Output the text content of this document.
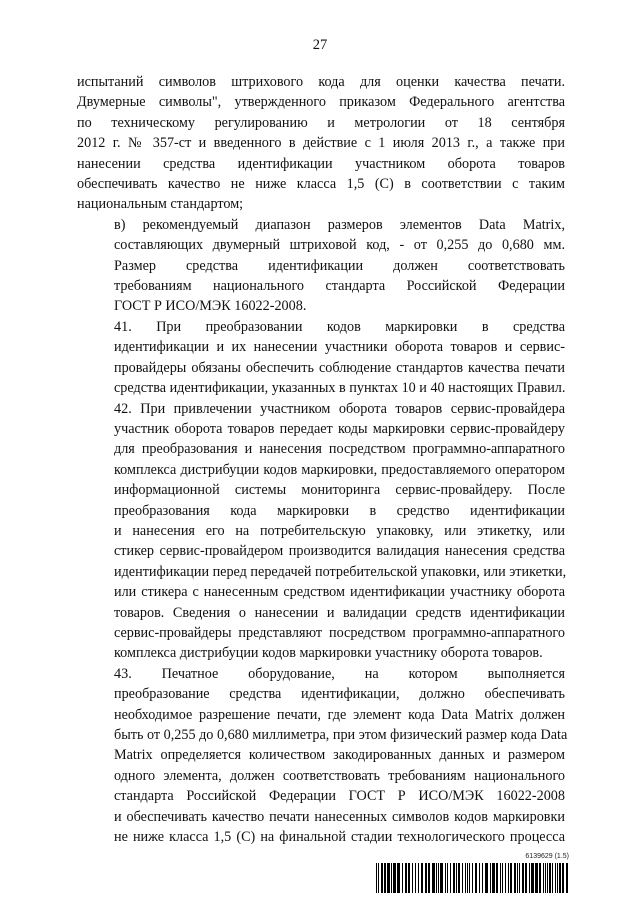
27

испытаний символов штрихового кода для оценки качества печати.
Двумерные символы", утвержденного приказом Федерального агентства
по техническому регулированию и метрологии от 18 сентября
2012 г. № 357-ст и введенного в действие с 1 июля 2013 г., а также при
нанесении средства идентификации участником оборота товаров
обеспечивать качество не ниже класса 1,5 (С) в соответствии с таким
национальным стандартом;

в) рекомендуемый диапазон размеров элементов Data Matrix,
составляющих двумерный штриховой код, - от 0,255 до 0,680 мм.
Размер средства идентификации должен соответствовать
требованиям национального стандарта Российской Федерации
ГОСТ Р ИСО/МЭК 16022-2008.

41. При преобразовании кодов маркировки в средства
идентификации и их нанесении участники оборота товаров и сервис-
провайдеры обязаны обеспечить соблюдение стандартов качества печати
средства идентификации, указанных в пунктах 10 и 40 настоящих Правил.

42. При привлечении участником оборота товаров сервис-провайдера
участник оборота товаров передает коды маркировки сервис-провайдеру
для преобразования и нанесения посредством программно-аппаратного
комплекса дистрибуции кодов маркировки, предоставляемого оператором
информационной системы мониторинга сервис-провайдеру. После
преобразования кода маркировки в средство идентификации
и нанесения его на потребительскую упаковку, или этикетку, или
стикер сервис-провайдером производится валидация нанесения средства
идентификации перед передачей потребительской упаковки, или этикетки,
или стикера с нанесенным средством идентификации участнику оборота
товаров. Сведения о нанесении и валидации средств идентификации
сервис-провайдеры представляют посредством программно-аппаратного
комплекса дистрибуции кодов маркировки участнику оборота товаров.

43. Печатное оборудование, на котором выполняется
преобразование средства идентификации, должно обеспечивать
необходимое разрешение печати, где элемент кода Data Matrix должен
быть от 0,255 до 0,680 миллиметра, при этом физический размер кода Data
Matrix определяется количеством закодированных данных и размером
одного элемента, должен соответствовать требованиям национального
стандарта Российской Федерации ГОСТ Р ИСО/МЭК 16022-2008
и обеспечивать качество печати нанесенных символов кодов маркировки
не ниже класса 1,5 (С) на финальной стадии технологического процесса

6139629 (1.5)
